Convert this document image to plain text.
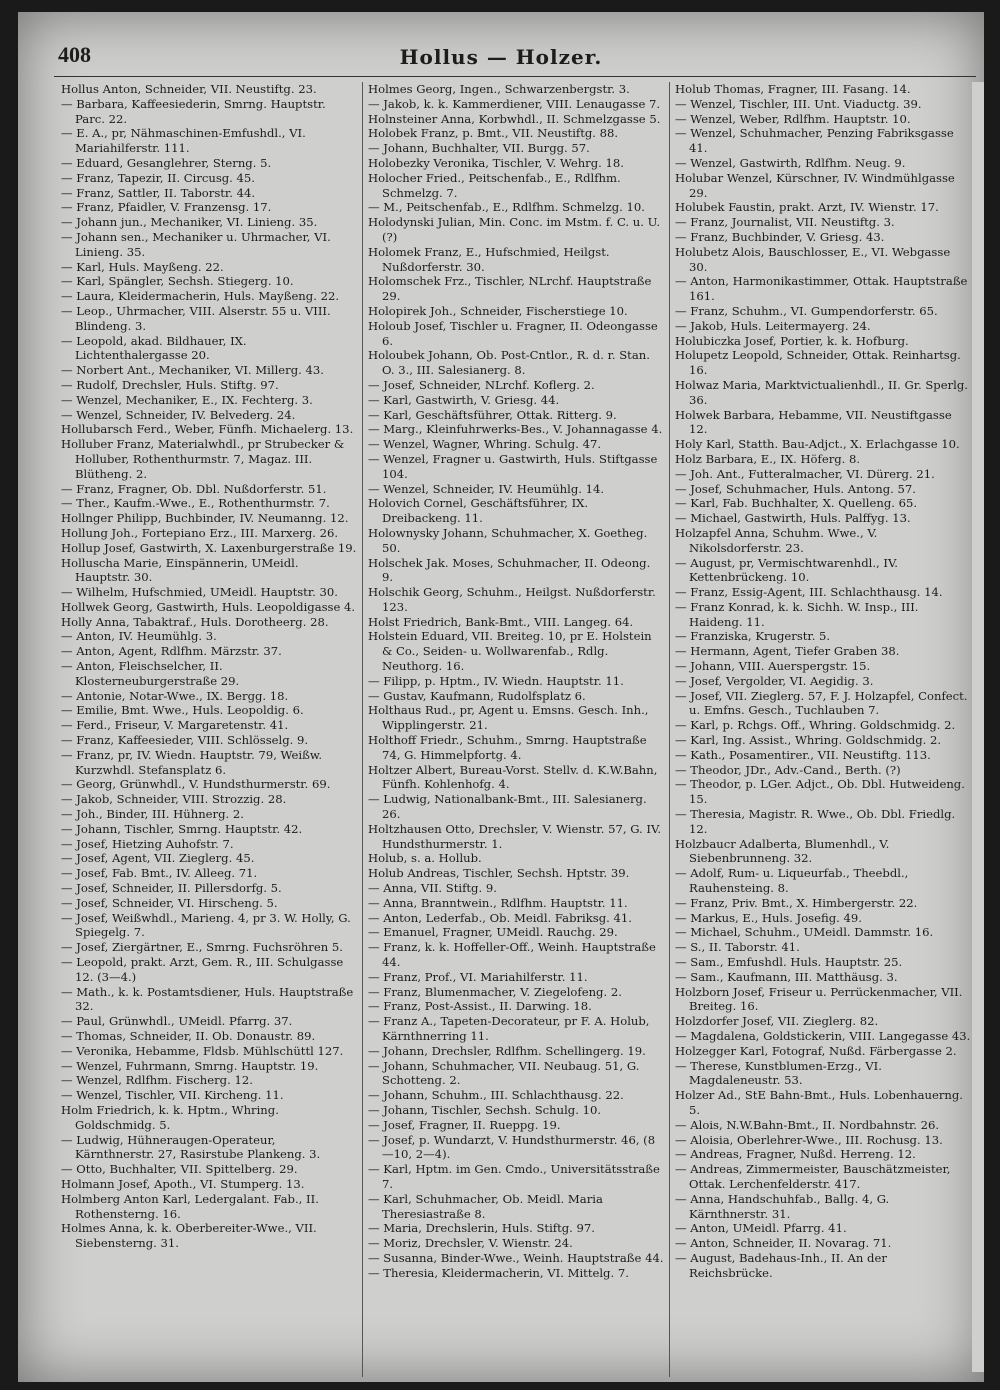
408	Hollus — Holzer.

Hollus Anton, Schneider, VII. Neustiftg. 23.

— Barbara, Kaffeesiederin, Smrng. Hauptstr. Parc. 22.

— E. A., pr, Nähmaschinen-Emfushdl., VI. Mariahilferstr. 111.

— Eduard, Gesanglehrer, Sterng. 5.

— Franz, Tapezir, II. Circusg. 45.

— Franz, Sattler, II. Taborstr. 44.

— Franz, Pfaidler, V. Franzensg. 17.

— Johann jun., Mechaniker, VI. Linieng. 35.

— Johann sen., Mechaniker u. Uhrmacher, VI. Linieng. 35.

— Karl, Huls. Mayßeng. 22.

— Karl, Spängler, Sechsh. Stiegerg. 10.

— Laura, Kleidermacherin, Huls. Mayßeng. 22.

— Leop., Uhrmacher, VIII. Alserstr. 55 u. VIII. Blindeng. 3.

— Leopold, akad. Bildhauer, IX. Lichtenthalergasse 20.

— Norbert Ant., Mechaniker, VI. Millerg. 43.

— Rudolf, Drechsler, Huls. Stiftg. 97.

— Wenzel, Mechaniker, E., IX. Fechterg. 3.

— Wenzel, Schneider, IV. Belvederg. 24.

Hollubarsch Ferd., Weber, Fünfh. Michaelerg. 13.

Holluber Franz, Materialwhdl., pr Strubecker & Holluber, Rothenthurmstr. 7, Magaz. III. Blütheng. 2.

— Franz, Fragner, Ob. Dbl. Nußdorferstr. 51.

— Ther., Kaufm.-Wwe., E., Rothenthurmstr. 7.

Hollnger Philipp, Buchbinder, IV. Neumanng. 12.

Hollung Joh., Fortepiano Erz., III. Marxerg. 26.

Hollup Josef, Gastwirth, X. Laxenburgerstraße 19.

Holluscha Marie, Einspännerin, UMeidl. Hauptstr. 30.

— Wilhelm, Hufschmied, UMeidl. Hauptstr. 30.

Hollwek Georg, Gastwirth, Huls. Leopoldigasse 4.

Holly Anna, Tabaktraf., Huls. Dorotheerg. 28.

— Anton, IV. Heumühlg. 3.

— Anton, Agent, Rdlfhm. Märzstr. 37.

— Anton, Fleischselcher, II. Klosterneuburgerstraße 29.

— Antonie, Notar-Wwe., IX. Bergg. 18.

— Emilie, Bmt. Wwe., Huls. Leopoldig. 6.

— Ferd., Friseur, V. Margaretenstr. 41.

— Franz, Kaffeesieder, VIII. Schlösselg. 9.

— Franz, pr, IV. Wiedn. Hauptstr. 79, Weißw. Kurzwhdl. Stefansplatz 6.

— Georg, Grünwhdl., V. Hundsthurmerstr. 69.

— Jakob, Schneider, VIII. Strozzig. 28.

— Joh., Binder, III. Hühnerg. 2.

— Johann, Tischler, Smrng. Hauptstr. 42.

— Josef, Hietzing Auhofstr. 7.

— Josef, Agent, VII. Zieglerg. 45.

— Josef, Fab. Bmt., IV. Alleeg. 71.

— Josef, Schneider, II. Pillersdorfg. 5.

— Josef, Schneider, VI. Hirscheng. 5.

— Josef, Weißwhdl., Marieng. 4, pr 3. W. Holly, G. Spiegelg. 7.

— Josef, Ziergärtner, E., Smrng. Fuchsröhren 5.

— Leopold, prakt. Arzt, Gem. R., III. Schulgasse 12. (3—4.)

— Math., k. k. Postamtsdiener, Huls. Hauptstraße 32.

— Paul, Grünwhdl., UMeidl. Pfarrg. 37.

— Thomas, Schneider, II. Ob. Donaustr. 89.

— Veronika, Hebamme, Fldsb. Mühlschüttl 127.

— Wenzel, Fuhrmann, Smrng. Hauptstr. 19.

— Wenzel, Rdlfhm. Fischerg. 12.

— Wenzel, Tischler, VII. Kircheng. 11.

Holm Friedrich, k. k. Hptm., Whring. Goldschmidg. 5.

— Ludwig, Hühneraugen-Operateur, Kärnthnerstr. 27, Rasirstube Plankeng. 3.

— Otto, Buchhalter, VII. Spittelberg. 29.

Holmann Josef, Apoth., VI. Stumperg. 13.

Holmberg Anton Karl, Ledergalant. Fab., II. Rothensterng. 16.

Holmes Anna, k. k. Oberbereiter-Wwe., VII. Siebensterng. 31.

Holmes Georg, Ingen., Schwarzenbergstr. 3.

— Jakob, k. k. Kammerdiener, VIII. Lenaugasse 7.

Holnsteiner Anna, Korbwhdl., II. Schmelzgasse 5.

Holobek Franz, p. Bmt., VII. Neustiftg. 88.

— Johann, Buchhalter, VII. Burgg. 57.

Holobezky Veronika, Tischler, V. Wehrg. 18.

Holocher Fried., Peitschenfab., E., Rdlfhm. Schmelzg. 7.

— M., Peitschenfab., E., Rdlfhm. Schmelzg. 10.

Holodynski Julian, Min. Conc. im Mstm. f. C. u. U. (?)

Holomek Franz, E., Hufschmied, Heilgst. Nußdorferstr. 30.

Holomschek Frz., Tischler, NLrchf. Hauptstraße 29.

Holopirek Joh., Schneider, Fischerstiege 10.

Holoub Josef, Tischler u. Fragner, II. Odeongasse 6.

Holoubek Johann, Ob. Post-Cntlor., R. d. r. Stan. O. 3., III. Salesianerg. 8.

— Josef, Schneider, NLrchf. Koflerg. 2.

— Karl, Gastwirth, V. Griesg. 44.

— Karl, Geschäftsführer, Ottak. Ritterg. 9.

— Marg., Kleinfuhrwerks-Bes., V. Johannagasse 4.

— Wenzel, Wagner, Whring. Schulg. 47.

— Wenzel, Fragner u. Gastwirth, Huls. Stiftgasse 104.

— Wenzel, Schneider, IV. Heumühlg. 14.

Holovich Cornel, Geschäftsführer, IX. Dreibackeng. 11.

Holownysky Johann, Schuhmacher, X. Goetheg. 50.

Holschek Jak. Moses, Schuhmacher, II. Odeong. 9.

Holschik Georg, Schuhm., Heilgst. Nußdorferstr. 123.

Holst Friedrich, Bank-Bmt., VIII. Langeg. 64.

Holstein Eduard, VII. Breiteg. 10, pr E. Holstein & Co., Seiden- u. Wollwarenfab., Rdlg. Neuthorg. 16.

— Filipp, p. Hptm., IV. Wiedn. Hauptstr. 11.

— Gustav, Kaufmann, Rudolfsplatz 6.

Holthaus Rud., pr, Agent u. Emsns. Gesch. Inh., Wipplingerstr. 21.

Holthoff Friedr., Schuhm., Smrng. Hauptstraße 74, G. Himmelpfortg. 4.

Holtzer Albert, Bureau-Vorst. Stellv. d. K.W.Bahn, Fünfh. Kohlenhofg. 4.

— Ludwig, Nationalbank-Bmt., III. Salesianerg. 26.

Holtzhausen Otto, Drechsler, V. Wienstr. 57, G. IV. Hundsthurmerstr. 1.

Holub, s. a. Hollub.

Holub Andreas, Tischler, Sechsh. Hptstr. 39.

— Anna, VII. Stiftg. 9.

— Anna, Branntwein., Rdlfhm. Hauptstr. 11.

— Anton, Lederfab., Ob. Meidl. Fabriksg. 41.

— Emanuel, Fragner, UMeidl. Rauchg. 29.

— Franz, k. k. Hoffeller-Off., Weinh. Hauptstraße 44.

— Franz, Prof., VI. Mariahilferstr. 11.

— Franz, Blumenmacher, V. Ziegelofeng. 2.

— Franz, Post-Assist., II. Darwing. 18.

— Franz A., Tapeten-Decorateur, pr F. A. Holub, Kärnthnerring 11.

— Johann, Drechsler, Rdlfhm. Schellingerg. 19.

— Johann, Schuhmacher, VII. Neubaug. 51, G. Schotteng. 2.

— Johann, Schuhm., III. Schlachthausg. 22.

— Johann, Tischler, Sechsh. Schulg. 10.

— Josef, Fragner, II. Rueppg. 19.

— Josef, p. Wundarzt, V. Hundsthurmerstr. 46, (8—10, 2—4).

— Karl, Hptm. im Gen. Cmdo., Universitätsstraße 7.

— Karl, Schuhmacher, Ob. Meidl. Maria Theresiastraße 8.

— Maria, Drechslerin, Huls. Stiftg. 97.

— Moriz, Drechsler, V. Wienstr. 24.

— Susanna, Binder-Wwe., Weinh. Hauptstraße 44.

— Theresia, Kleidermacherin, VI. Mittelg. 7.

Holub Thomas, Fragner, III. Fasang. 14.

— Wenzel, Tischler, III. Unt. Viaductg. 39.

— Wenzel, Weber, Rdlfhm. Hauptstr. 10.

— Wenzel, Schuhmacher, Penzing Fabriksgasse 41.

— Wenzel, Gastwirth, Rdlfhm. Neug. 9.

Holubar Wenzel, Kürschner, IV. Windmühlgasse 29.

Holubek Faustin, prakt. Arzt, IV. Wienstr. 17.

— Franz, Journalist, VII. Neustiftg. 3.

— Franz, Buchbinder, V. Griesg. 43.

Holubetz Alois, Bauschlosser, E., VI. Webgasse 30.

— Anton, Harmonikastimmer, Ottak. Hauptstraße 161.

— Franz, Schuhm., VI. Gumpendorferstr. 65.

— Jakob, Huls. Leitermayerg. 24.

Holubiczka Josef, Portier, k. k. Hofburg.

Holupetz Leopold, Schneider, Ottak. Reinhartsg. 16.

Holwaz Maria, Marktvictualienhdl., II. Gr. Sperlg. 36.

Holwek Barbara, Hebamme, VII. Neustiftgasse 12.

Holy Karl, Statth. Bau-Adjct., X. Erlachgasse 10.

Holz Barbara, E., IX. Höferg. 8.

— Joh. Ant., Futteralmacher, VI. Dürerg. 21.

— Josef, Schuhmacher, Huls. Antong. 57.

— Karl, Fab. Buchhalter, X. Quelleng. 65.

— Michael, Gastwirth, Huls. Palffyg. 13.

Holzapfel Anna, Schuhm. Wwe., V. Nikolsdorferstr. 23.

— August, pr, Vermischtwarenhdl., IV. Kettenbrückeng. 10.

— Franz, Essig-Agent, III. Schlachthausg. 14.

— Franz Konrad, k. k. Sichh. W. Insp., III. Haideng. 11.

— Franziska, Krugerstr. 5.

— Hermann, Agent, Tiefer Graben 38.

— Johann, VIII. Auerspergstr. 15.

— Josef, Vergolder, VI. Aegidig. 3.

— Josef, VII. Zieglerg. 57, F. J. Holzapfel, Confect. u. Emfns. Gesch., Tuchlauben 7.

— Karl, p. Rchgs. Off., Whring. Goldschmidg. 2.

— Karl, Ing. Assist., Whring. Goldschmidg. 2.

— Kath., Posamentirer., VII. Neustiftg. 113.

— Theodor, JDr., Adv.-Cand., Berth. (?)

— Theodor, p. LGer. Adjct., Ob. Dbl. Hutweideng. 15.

— Theresia, Magistr. R. Wwe., Ob. Dbl. Friedlg. 12.

Holzbaucr Adalberta, Blumenhdl., V. Siebenbrunneng. 32.

— Adolf, Rum- u. Liqueurfab., Theebdl., Rauhensteing. 8.

— Franz, Priv. Bmt., X. Himbergerstr. 22.

— Markus, E., Huls. Josefig. 49.

— Michael, Schuhm., UMeidl. Dammstr. 16.

— S., II. Taborstr. 41.

— Sam., Emfushdl. Huls. Hauptstr. 25.

— Sam., Kaufmann, III. Matthäusg. 3.

Holzborn Josef, Friseur u. Perrückenmacher, VII. Breiteg. 16.

Holzdorfer Josef, VII. Zieglerg. 82.

— Magdalena, Goldstickerin, VIII. Langegasse 43.

Holzegger Karl, Fotograf, Nußd. Färbergasse 2.

— Therese, Kunstblumen-Erzg., VI. Magdaleneustr. 53.

Holzer Ad., StE Bahn-Bmt., Huls. Lobenhauerng. 5.

— Alois, N.W.Bahn-Bmt., II. Nordbahnstr. 26.

— Aloisia, Oberlehrer-Wwe., III. Rochusg. 13.

— Andreas, Fragner, Nußd. Herreng. 12.

— Andreas, Zimmermeister, Bauschätzmeister, Ottak. Lerchenfelderstr. 417.

— Anna, Handschuhfab., Ballg. 4, G. Kärnthnerstr. 31.

— Anton, UMeidl. Pfarrg. 41.

— Anton, Schneider, II. Novarag. 71.

— August, Badehaus-Inh., II. An der Reichsbrücke.
